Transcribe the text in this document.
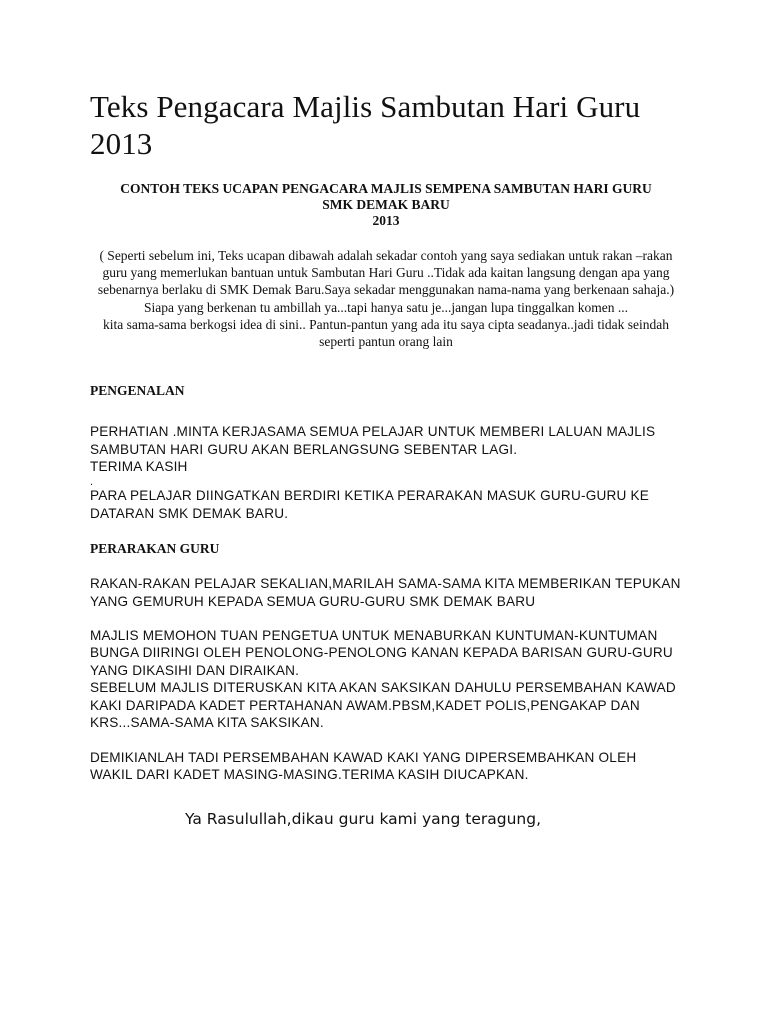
Teks Pengacara Majlis Sambutan Hari Guru 2013

CONTOH TEKS UCAPAN PENGACARA MAJLIS SEMPENA SAMBUTAN HARI GURU

SMK DEMAK BARU

2013

( Seperti sebelum ini, Teks ucapan dibawah adalah sekadar contoh yang saya sediakan untuk rakan –rakan guru yang memerlukan bantuan untuk Sambutan Hari Guru ..Tidak ada kaitan langsung dengan apa yang sebenarnya berlaku di SMK Demak Baru.Saya sekadar menggunakan nama-nama yang berkenaan sahaja.)

Siapa yang berkenan tu ambillah ya...tapi hanya satu je...jangan lupa tinggalkan komen ...

kita sama-sama berkogsi idea di sini.. Pantun-pantun yang ada itu saya cipta seadanya..jadi tidak seindah seperti pantun orang lain

PENGENALAN

PERHATIAN .MINTA KERJASAMA SEMUA PELAJAR UNTUK MEMBERI LALUAN MAJLIS SAMBUTAN HARI GURU AKAN BERLANGSUNG SEBENTAR LAGI.

TERIMA KASIH

.

PARA PELAJAR DIINGATKAN BERDIRI KETIKA PERARAKAN MASUK GURU-GURU KE DATARAN SMK DEMAK BARU.

PERARAKAN GURU

RAKAN-RAKAN PELAJAR SEKALIAN,MARILAH SAMA-SAMA KITA MEMBERIKAN TEPUKAN YANG GEMURUH KEPADA SEMUA GURU-GURU SMK DEMAK BARU

MAJLIS MEMOHON TUAN PENGETUA UNTUK MENABURKAN KUNTUMAN-KUNTUMAN BUNGA DIIRINGI OLEH PENOLONG-PENOLONG KANAN KEPADA BARISAN GURU-GURU YANG DIKASIHI DAN DIRAIKAN.

SEBELUM MAJLIS DITERUSKAN KITA AKAN SAKSIKAN DAHULU PERSEMBAHAN KAWAD KAKI DARIPADA KADET PERTAHANAN AWAM.PBSM,KADET POLIS,PENGAKAP DAN KRS...SAMA-SAMA KITA SAKSIKAN.

DEMIKIANLAH TADI PERSEMBAHAN KAWAD KAKI YANG DIPERSEMBAHKAN OLEH WAKIL DARI KADET MASING-MASING.TERIMA KASIH DIUCAPKAN.

Ya Rasulullah,dikau guru kami yang teragung,
